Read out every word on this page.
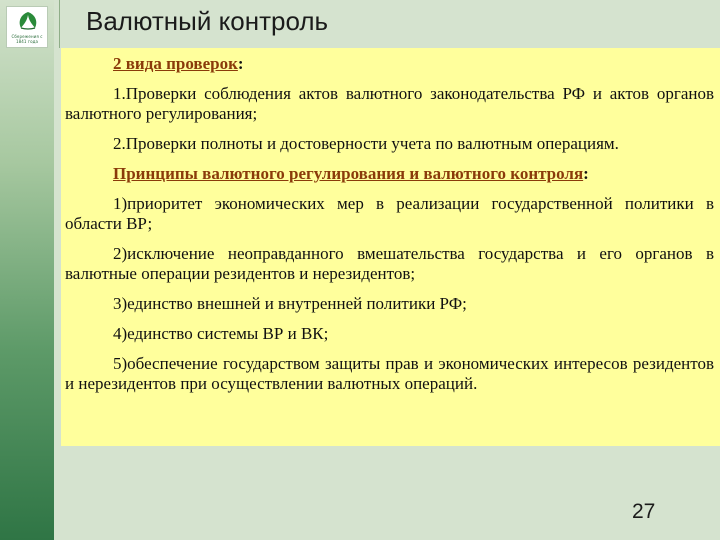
Сбережения с 1841 года
Валютный контроль

2 вида проверок:

1.Проверки соблюдения актов валютного законодательства РФ и актов органов валютного регулирования;

2.Проверки полноты и достоверности учета по валютным операциям.

Принципы валютного регулирования и валютного контроля:

1)приоритет экономических мер в реализации государственной политики в области ВР;

2)исключение неоправданного вмешательства государства и его органов в валютные операции резидентов и нерезидентов;

3)единство внешней и внутренней политики РФ;

4)единство системы ВР и ВК;

5)обеспечение государством защиты прав и экономических интересов резидентов и нерезидентов при осуществлении валютных операций.

27
